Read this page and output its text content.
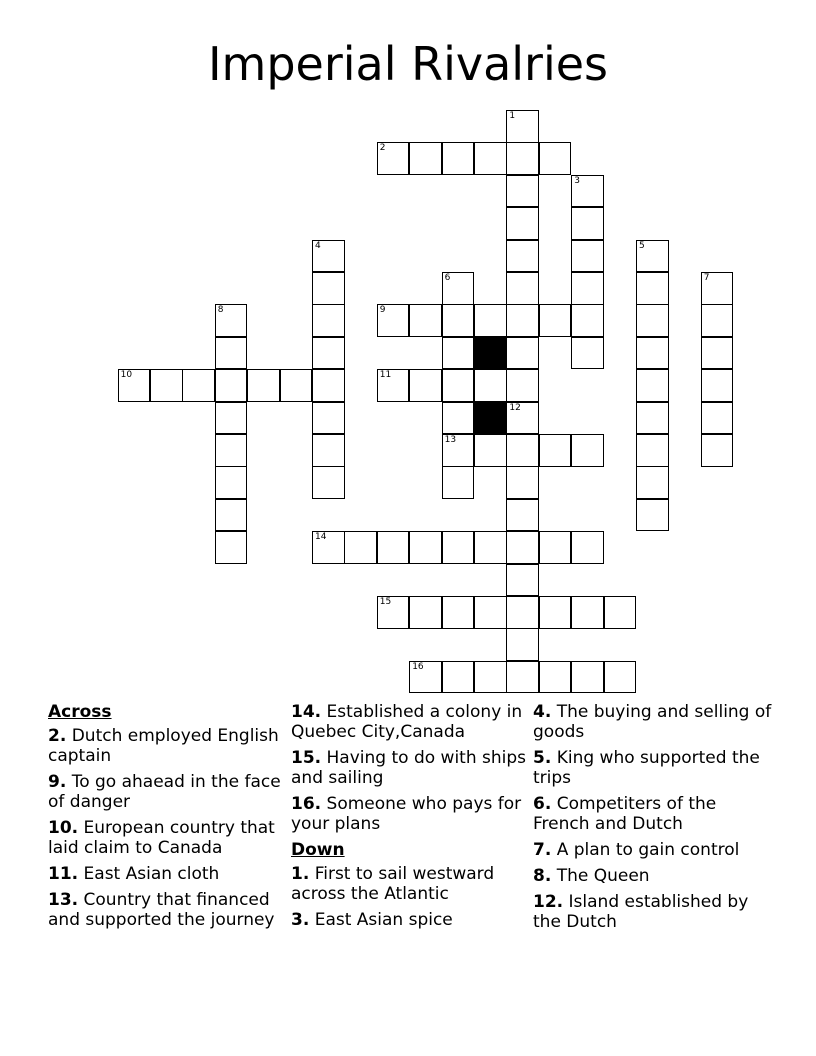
Imperial Rivalries
1
12
2
3
4	5
6
13
7
8	9
10	11
14
15
16
Across
2. Dutch employed English captain
9. To go ahaead in the face of danger
10. European country that laid claim to Canada
11. East Asian cloth
13. Country that financed and supported the journey
14. Established a colony in Quebec City,Canada
15. Having to do with ships and sailing
16. Someone who pays for your plans
Down
1. First to sail westward across the Atlantic
3. East Asian spice
4. The buying and selling of goods
5. King who supported the trips
6. Competiters of the French and Dutch
7. A plan to gain control
8. The Queen
12. Island established by the Dutch
